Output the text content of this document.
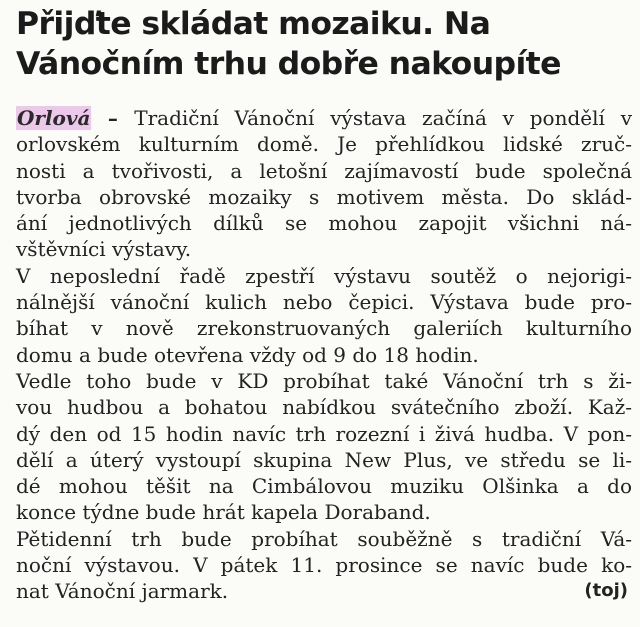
Přijďte skládat mozaiku. Na
Vánočním trhu dobře nakoupíte
Orlová – Tradiční Vánoční výstava začíná v pondělí v
orlovském kulturním domě. Je přehlídkou lidské zruč-
nosti a tvořivosti, a letošní zajímavostí bude společná
tvorba obrovské mozaiky s motivem města. Do sklád-
ání jednotlivých dílků se mohou zapojit všichni ná-
vštěvníci výstavy.
V neposlední řadě zpestří výstavu soutěž o nejorigi-
nálnější vánoční kulich nebo čepici. Výstava bude pro-
bíhat v nově zrekonstruovaných galeriích kulturního
domu a bude otevřena vždy od 9 do 18 hodin.
Vedle toho bude v KD probíhat také Vánoční trh s ži-
vou hudbou a bohatou nabídkou svátečního zboží. Kaž-
dý den od 15 hodin navíc trh rozezní i živá hudba. V pon-
dělí a úterý vystoupí skupina New Plus, ve středu se li-
dé mohou těšit na Cimbálovou muziku Olšinka a do
konce týdne bude hrát kapela Doraband.
Pětidenní trh bude probíhat souběžně s tradiční Vá-
noční výstavou. V pátek 11. prosince se navíc bude ko-
nat Vánoční jarmark.	(toj)
